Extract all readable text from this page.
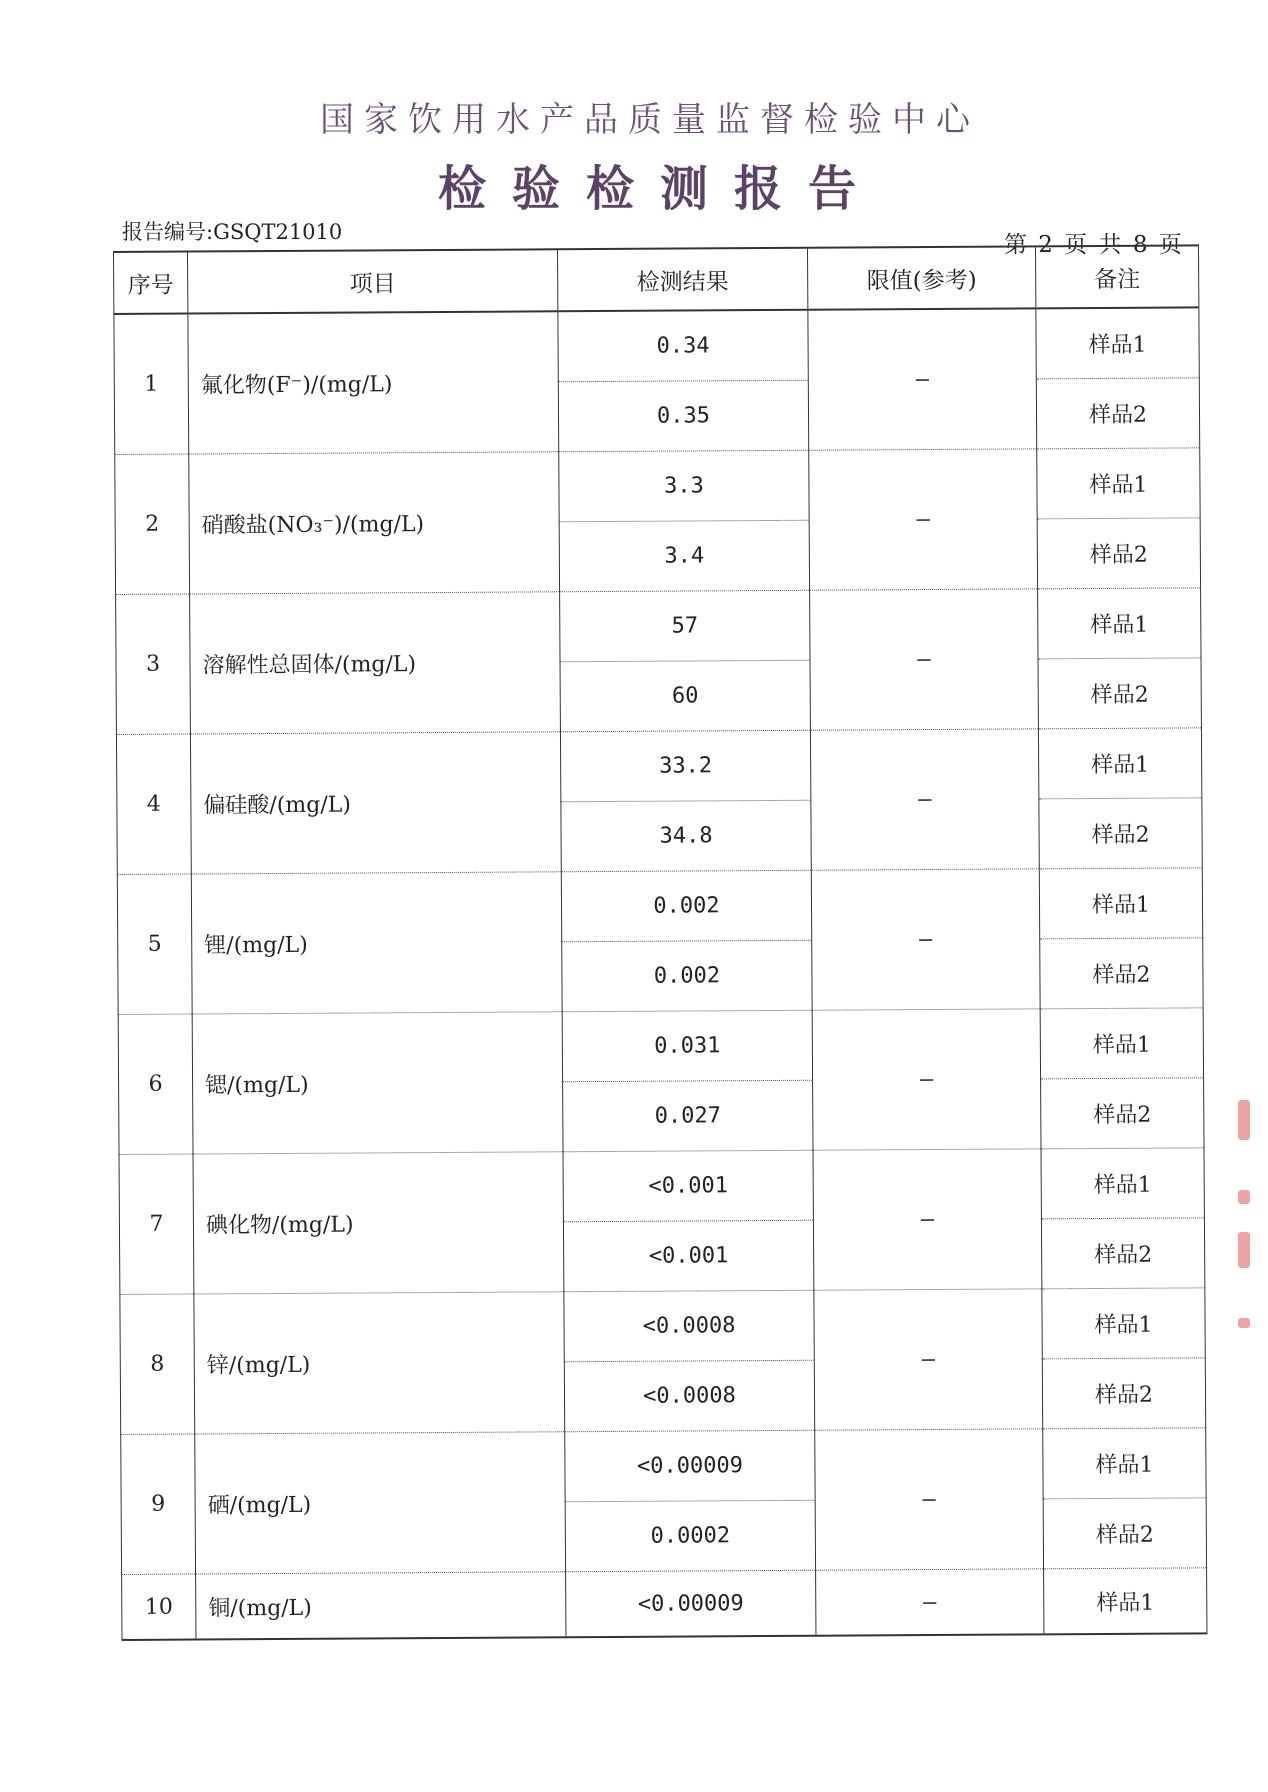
国家饮用水产品质量监督检验中心
检验检测报告
报告编号:GSQT21010	第 2 页 共 8 页
序号	项目	检测结果	限值(参考)	备注
1	氟化物(F⁻)/(mg/L)	0.34	—	样品1
		0.35		样品2
2	硝酸盐(NO₃⁻)/(mg/L)	3.3	—	样品1
		3.4		样品2
3	溶解性总固体/(mg/L)	57	—	样品1
		60		样品2
4	偏硅酸/(mg/L)	33.2	—	样品1
		34.8		样品2
5	锂/(mg/L)	0.002	—	样品1
		0.002		样品2
6	锶/(mg/L)	0.031	—	样品1
		0.027		样品2
7	碘化物/(mg/L)	<0.001	—	样品1
		<0.001		样品2
8	锌/(mg/L)	<0.0008	—	样品1
		<0.0008		样品2
9	硒/(mg/L)	<0.00009	—	样品1
		0.0002		样品2
10	铜/(mg/L)	<0.00009	—	样品1
